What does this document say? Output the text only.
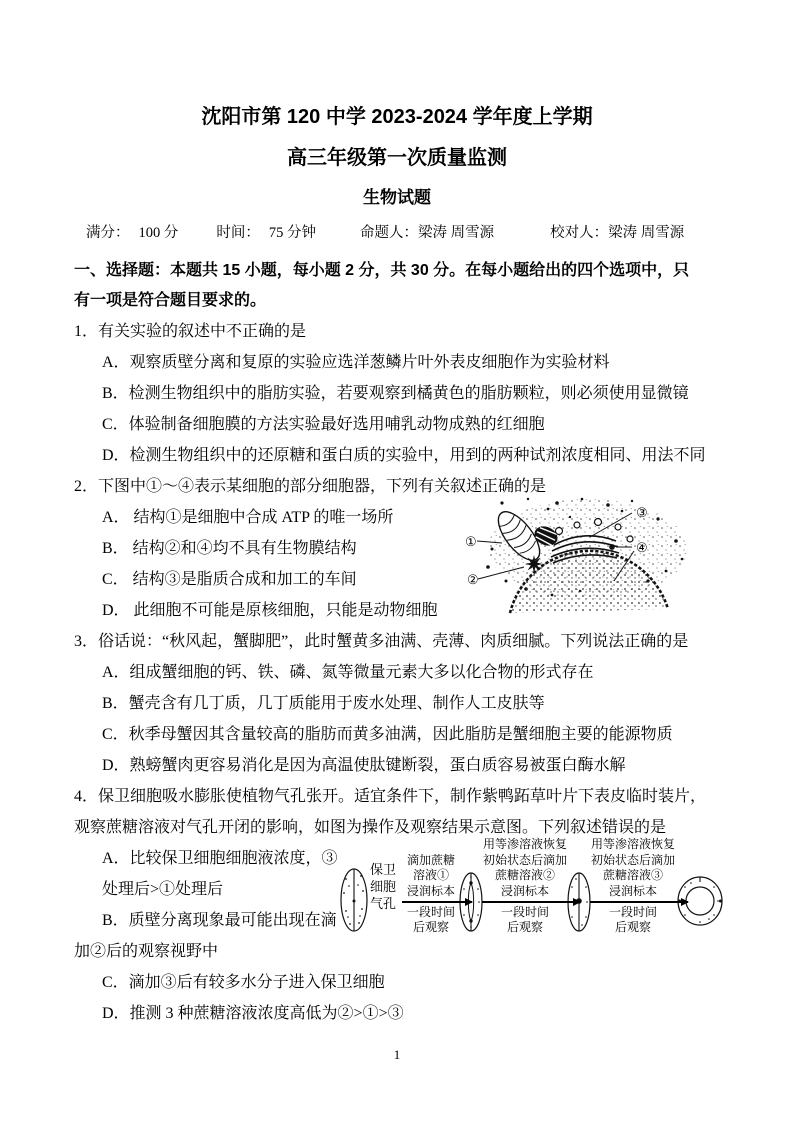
沈阳市第 120 中学 2023-2024 学年度上学期
高三年级第一次质量监测
生物试题
满分： 100 分	时间： 75 分钟	命题人：梁涛 周雪源	校对人：梁涛 周雪源
一、选择题：本题共 15 小题，每小题 2 分，共 30 分。在每小题给出的四个选项中，只
有一项是符合题目要求的。
1．有关实验的叙述中不正确的是
A．观察质壁分离和复原的实验应选洋葱鳞片叶外表皮细胞作为实验材料
B．检测生物组织中的脂肪实验，若要观察到橘黄色的脂肪颗粒，则必须使用显微镜
C．体验制备细胞膜的方法实验最好选用哺乳动物成熟的红细胞
D．检测生物组织中的还原糖和蛋白质的实验中，用到的两种试剂浓度相同、用法不同
2．下图中①～④表示某细胞的部分细胞器，下列有关叙述正确的是
A． 结构①是细胞中合成 ATP 的唯一场所
B． 结构②和④均不具有生物膜结构
C． 结构③是脂质合成和加工的车间
D． 此细胞不可能是原核细胞，只能是动物细胞
①
②
③
④
3．俗话说：“秋风起，蟹脚肥”，此时蟹黄多油满、壳薄、肉质细腻。下列说法正确的是
A．组成蟹细胞的钙、铁、磷、氮等微量元素大多以化合物的形式存在
B．蟹壳含有几丁质，几丁质能用于废水处理、制作人工皮肤等
C．秋季母蟹因其含量较高的脂肪而黄多油满，因此脂肪是蟹细胞主要的能源物质
D．熟螃蟹肉更容易消化是因为高温使肽键断裂，蛋白质容易被蛋白酶水解
4．保卫细胞吸水膨胀使植物气孔张开。适宜条件下，制作紫鸭跖草叶片下表皮临时装片，
观察蔗糖溶液对气孔开闭的影响，如图为操作及观察结果示意图。下列叙述错误的是
A．比较保卫细胞细胞液浓度，③
处理后>①处理后
B．质壁分离现象最可能出现在滴
加②后的观察视野中
保卫
细胞
气孔
滴加蔗糖
溶液①
浸润标本
一段时间
后观察
用等渗溶液恢复
初始状态后滴加
蔗糖溶液②
浸润标本
一段时间
后观察
用等渗溶液恢复
初始状态后滴加
蔗糖溶液③
浸润标本
一段时间
后观察
C．滴加③后有较多水分子进入保卫细胞
D．推测 3 种蔗糖溶液浓度高低为②>①>③
1
